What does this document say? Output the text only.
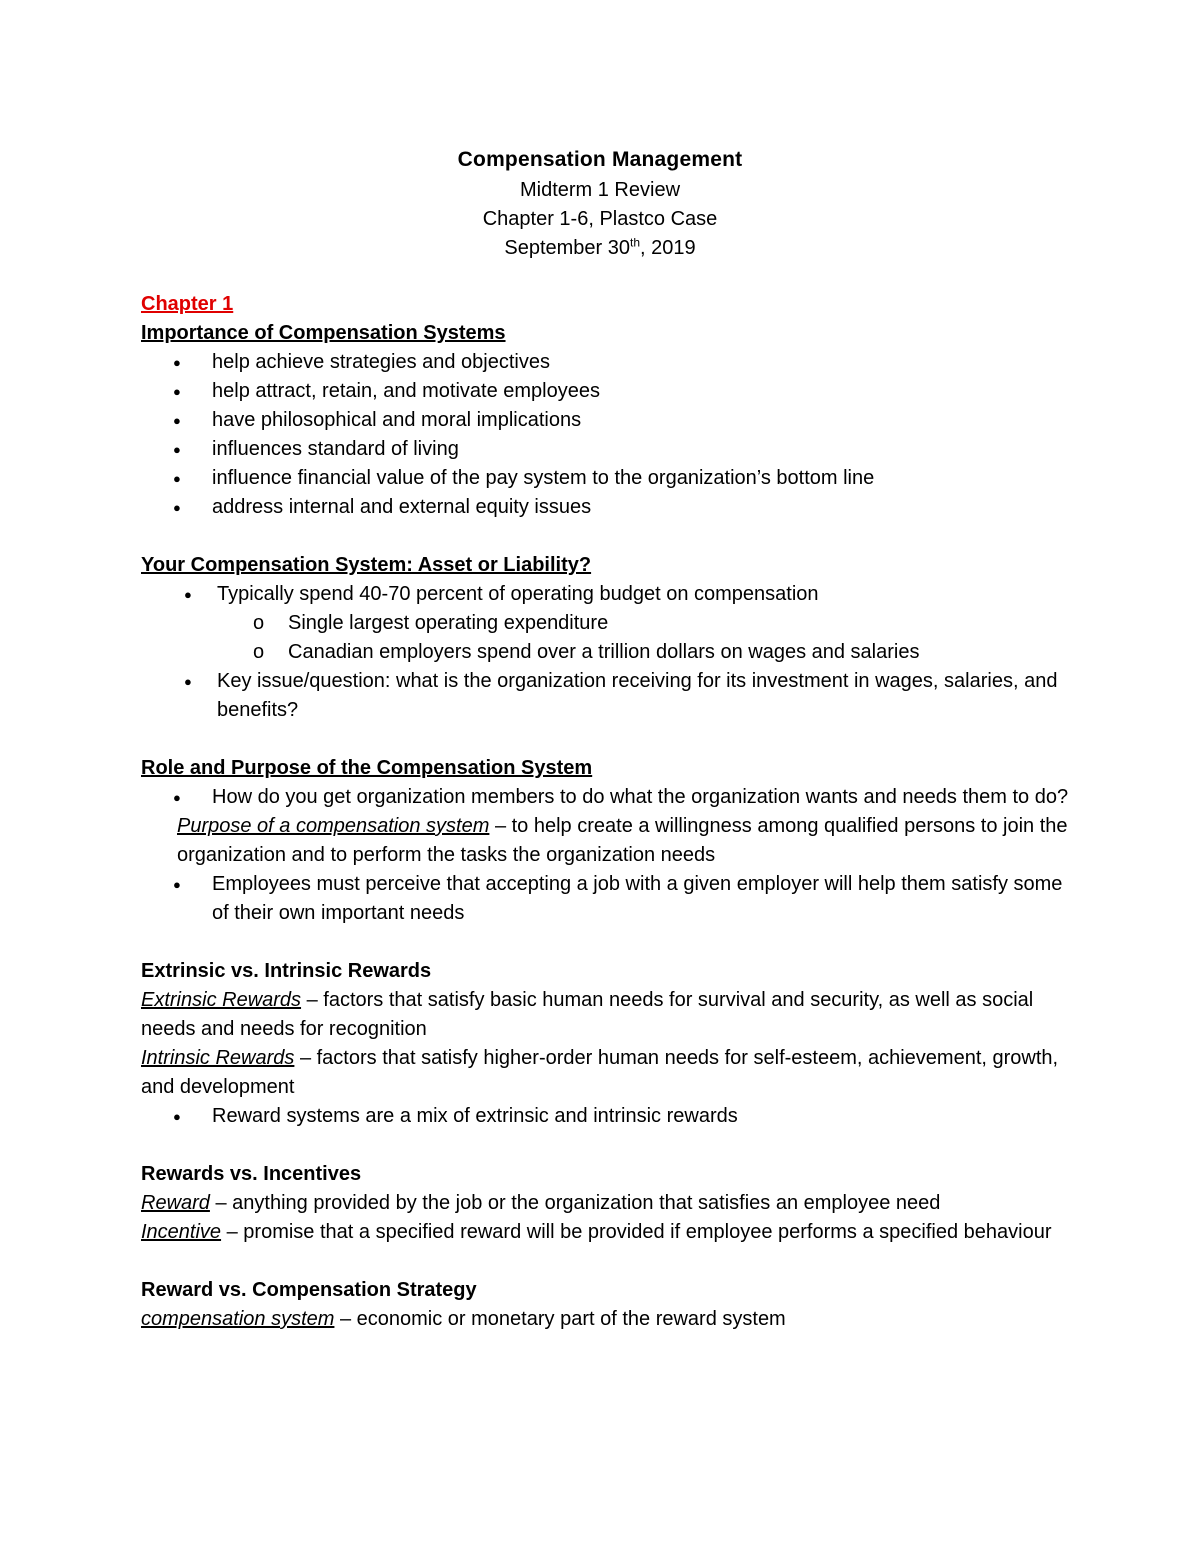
Compensation Management
Midterm 1 Review
Chapter 1-6, Plastco Case
September 30th, 2019
Chapter 1
Importance of Compensation Systems
● help achieve strategies and objectives
● help attract, retain, and motivate employees
● have philosophical and moral implications
● influences standard of living
● influence financial value of the pay system to the organization’s bottom line
● address internal and external equity issues
Your Compensation System: Asset or Liability?
● Typically spend 40-70 percent of operating budget on compensation
o Single largest operating expenditure
o Canadian employers spend over a trillion dollars on wages and salaries
● Key issue/question: what is the organization receiving for its investment in wages, salaries, and benefits?
Role and Purpose of the Compensation System
● How do you get organization members to do what the organization wants and needs them to do?
Purpose of a compensation system – to help create a willingness among qualified persons to join the organization and to perform the tasks the organization needs
● Employees must perceive that accepting a job with a given employer will help them satisfy some of their own important needs
Extrinsic vs. Intrinsic Rewards
Extrinsic Rewards – factors that satisfy basic human needs for survival and security, as well as social needs and needs for recognition
Intrinsic Rewards – factors that satisfy higher-order human needs for self-esteem, achievement, growth, and development
● Reward systems are a mix of extrinsic and intrinsic rewards
Rewards vs. Incentives
Reward – anything provided by the job or the organization that satisfies an employee need
Incentive – promise that a specified reward will be provided if employee performs a specified behaviour
Reward vs. Compensation Strategy
compensation system – economic or monetary part of the reward system
